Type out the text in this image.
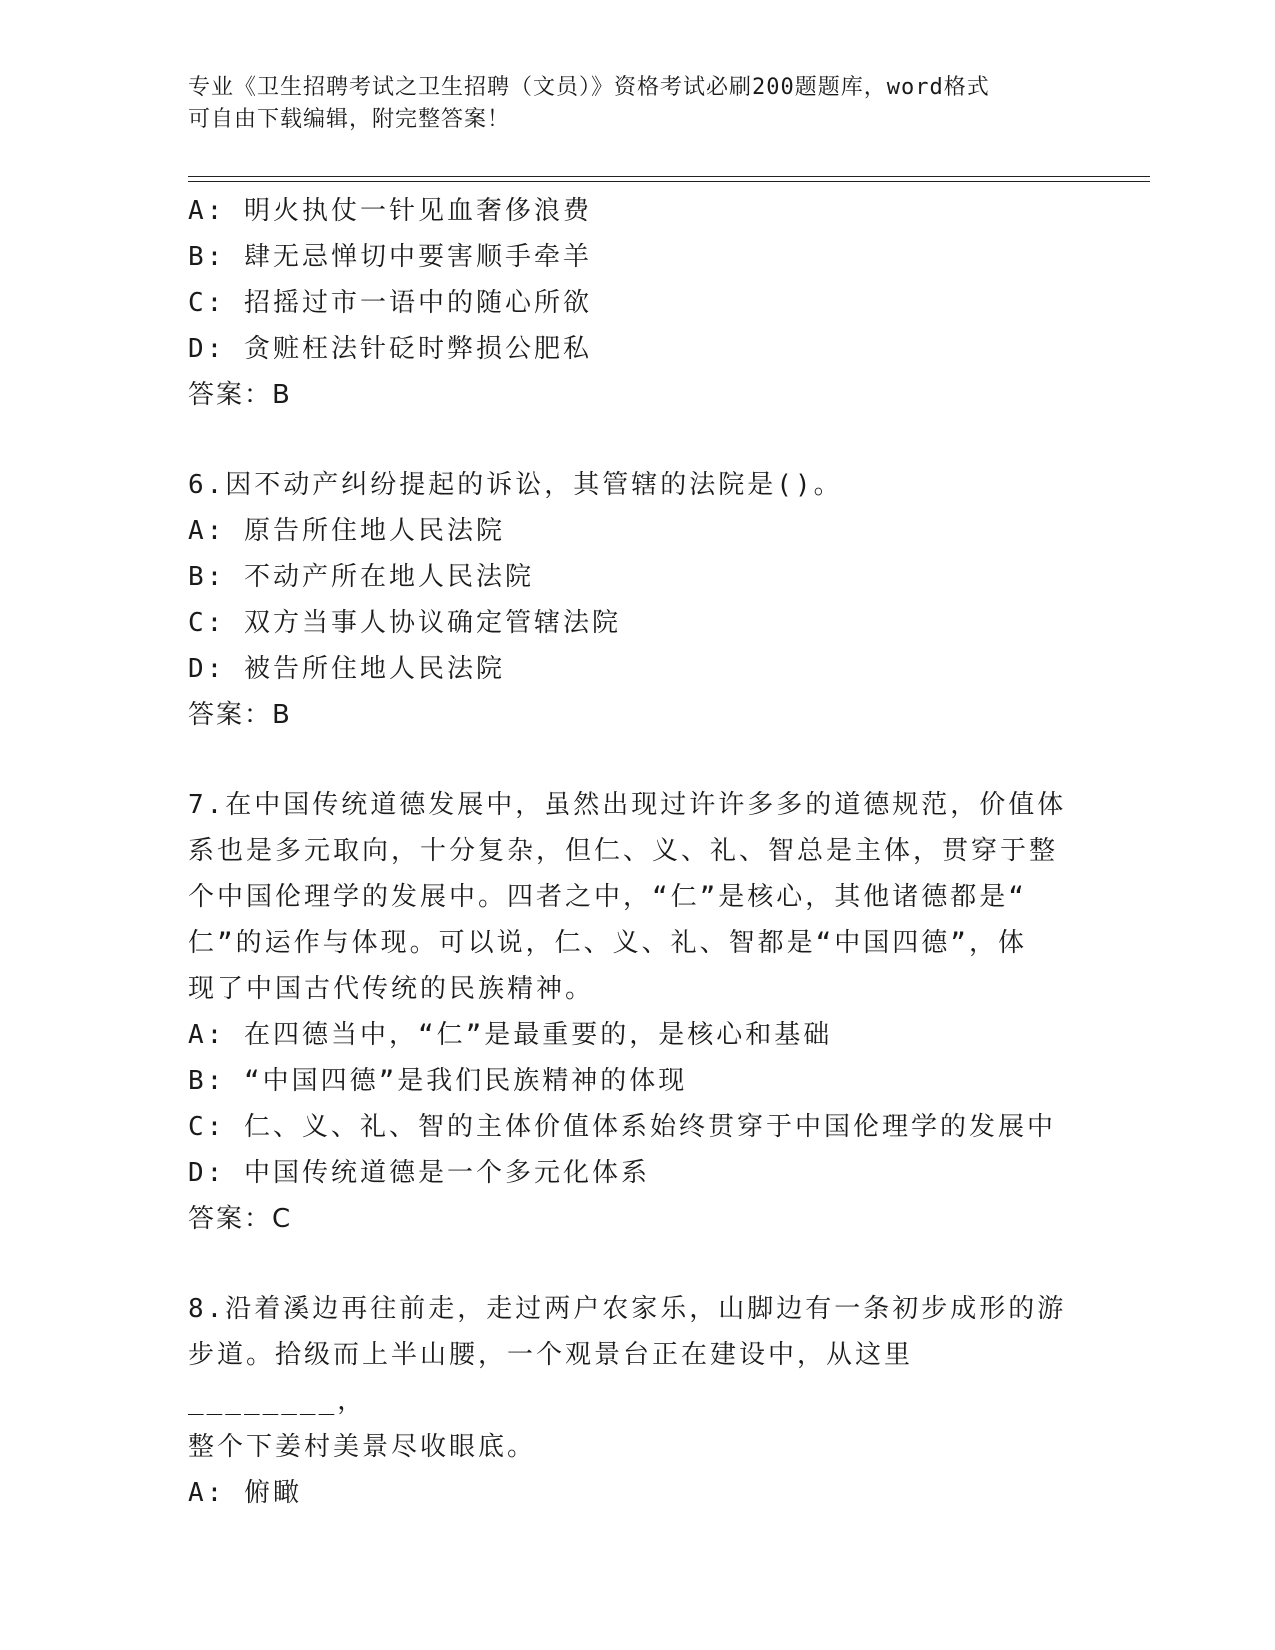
专业《卫生招聘考试之卫生招聘（文员）》资格考试必刷200题题库，word格式
可自由下载编辑，附完整答案！
A: 明火执仗一针见血奢侈浪费
B: 肆无忌惮切中要害顺手牵羊
C: 招摇过市一语中的随心所欲
D: 贪赃枉法针砭时弊损公肥私
答案：B
6.因不动产纠纷提起的诉讼，其管辖的法院是()。
A: 原告所住地人民法院
B: 不动产所在地人民法院
C: 双方当事人协议确定管辖法院
D: 被告所住地人民法院
答案：B
7.在中国传统道德发展中，虽然出现过许许多多的道德规范，价值体
系也是多元取向，十分复杂，但仁、义、礼、智总是主体，贯穿于整
个中国伦理学的发展中。四者之中，“仁”是核心，其他诸德都是“
仁”的运作与体现。可以说，仁、义、礼、智都是“中国四德”，体
现了中国古代传统的民族精神。
A: 在四德当中，“仁”是最重要的，是核心和基础
B: “中国四德”是我们民族精神的体现
C: 仁、义、礼、智的主体价值体系始终贯穿于中国伦理学的发展中
D: 中国传统道德是一个多元化体系
答案：C
8.沿着溪边再往前走，走过两户农家乐，山脚边有一条初步成形的游
步道。拾级而上半山腰，一个观景台正在建设中，从这里________，
整个下姜村美景尽收眼底。
A: 俯瞰
